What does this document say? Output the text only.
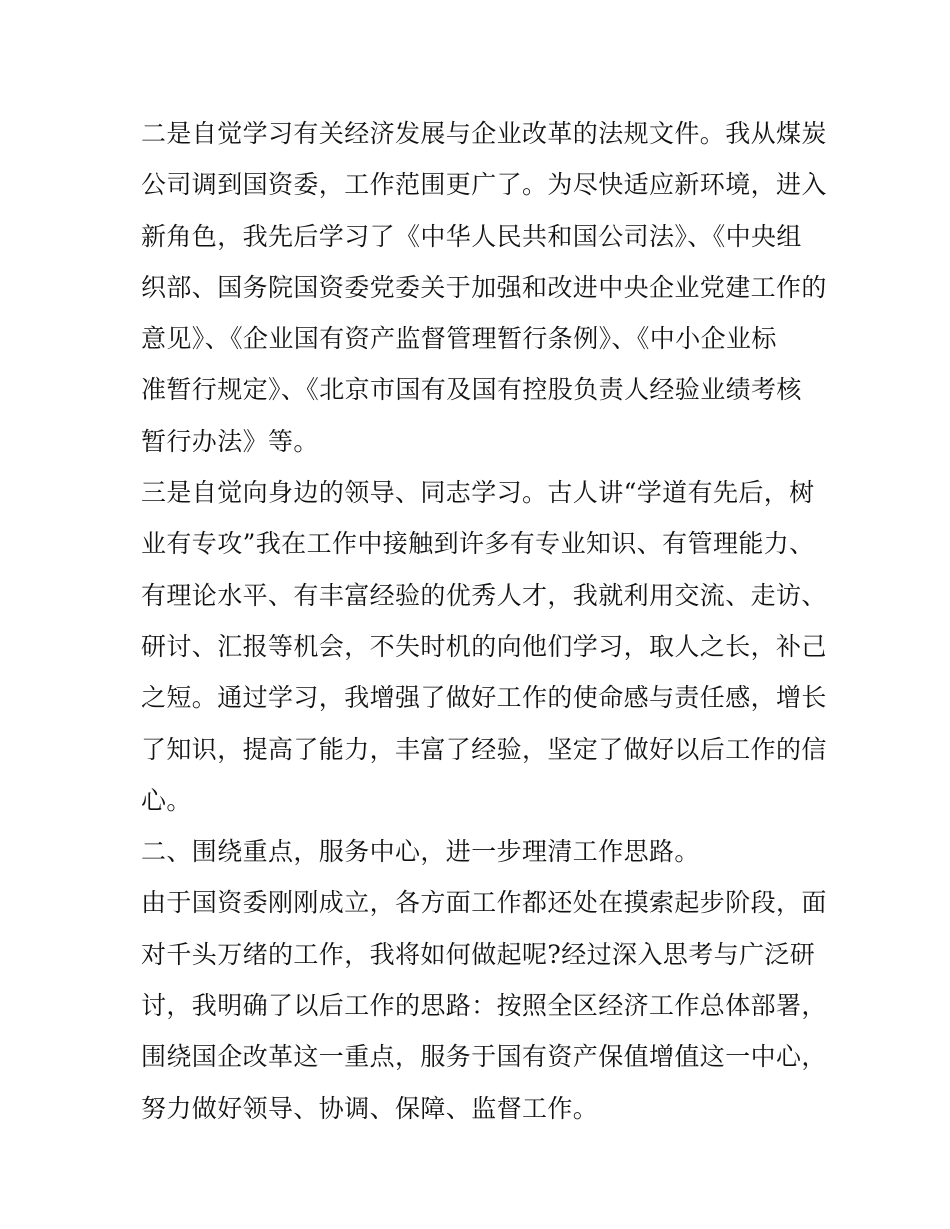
二是自觉学习有关经济发展与企业改革的法规文件。我从煤炭
公司调到国资委，工作范围更广了。为尽快适应新环境，进入
新角色，我先后学习了《中华人民共和国公司法》、《中央组
织部、国务院国资委党委关于加强和改进中央企业党建工作的
意见》、《企业国有资产监督管理暂行条例》、《中小企业标
准暂行规定》、《北京市国有及国有控股负责人经验业绩考核
暂行办法》等。
三是自觉向身边的领导、同志学习。古人讲“学道有先后，树
业有专攻”我在工作中接触到许多有专业知识、有管理能力、
有理论水平、有丰富经验的优秀人才，我就利用交流、走访、
研讨、汇报等机会，不失时机的向他们学习，取人之长，补己
之短。通过学习，我增强了做好工作的使命感与责任感，增长
了知识，提高了能力，丰富了经验，坚定了做好以后工作的信
心。
二、围绕重点，服务中心，进一步理清工作思路。
由于国资委刚刚成立，各方面工作都还处在摸索起步阶段，面
对千头万绪的工作，我将如何做起呢?经过深入思考与广泛研
讨，我明确了以后工作的思路：按照全区经济工作总体部署，
围绕国企改革这一重点，服务于国有资产保值增值这一中心，
努力做好领导、协调、保障、监督工作。
